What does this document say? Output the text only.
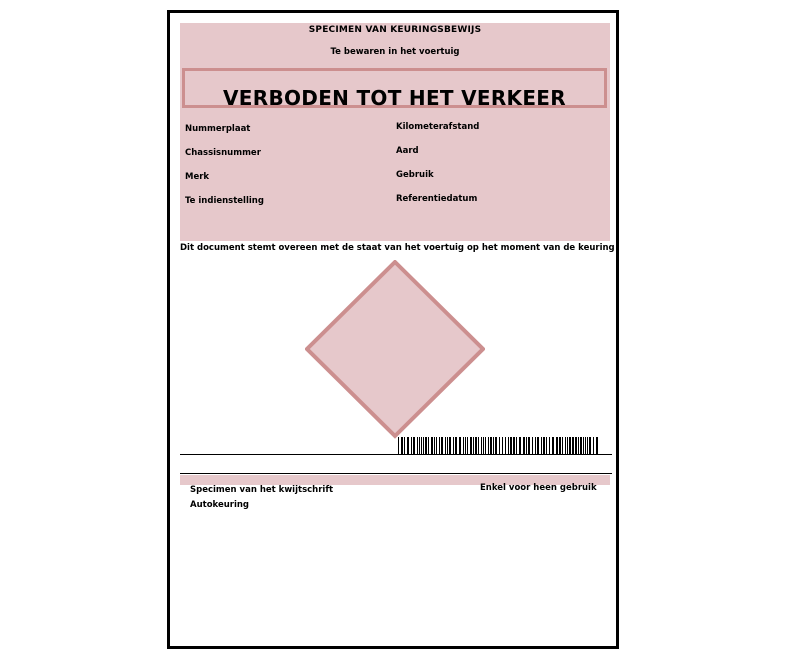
SPECIMEN VAN KEURINGSBEWIJS
Te bewaren in het voertuig
VERBODEN TOT HET VERKEER
Nummerplaat
Chassisnummer
Merk
Te indienstelling
Kilometerafstand
Aard
Gebruik
Referentiedatum
Dit document stemt overeen met de staat van het voertuig op het moment van de keuring
Specimen van het kwijtschrift
Autokeuring
Enkel voor heen gebruik
